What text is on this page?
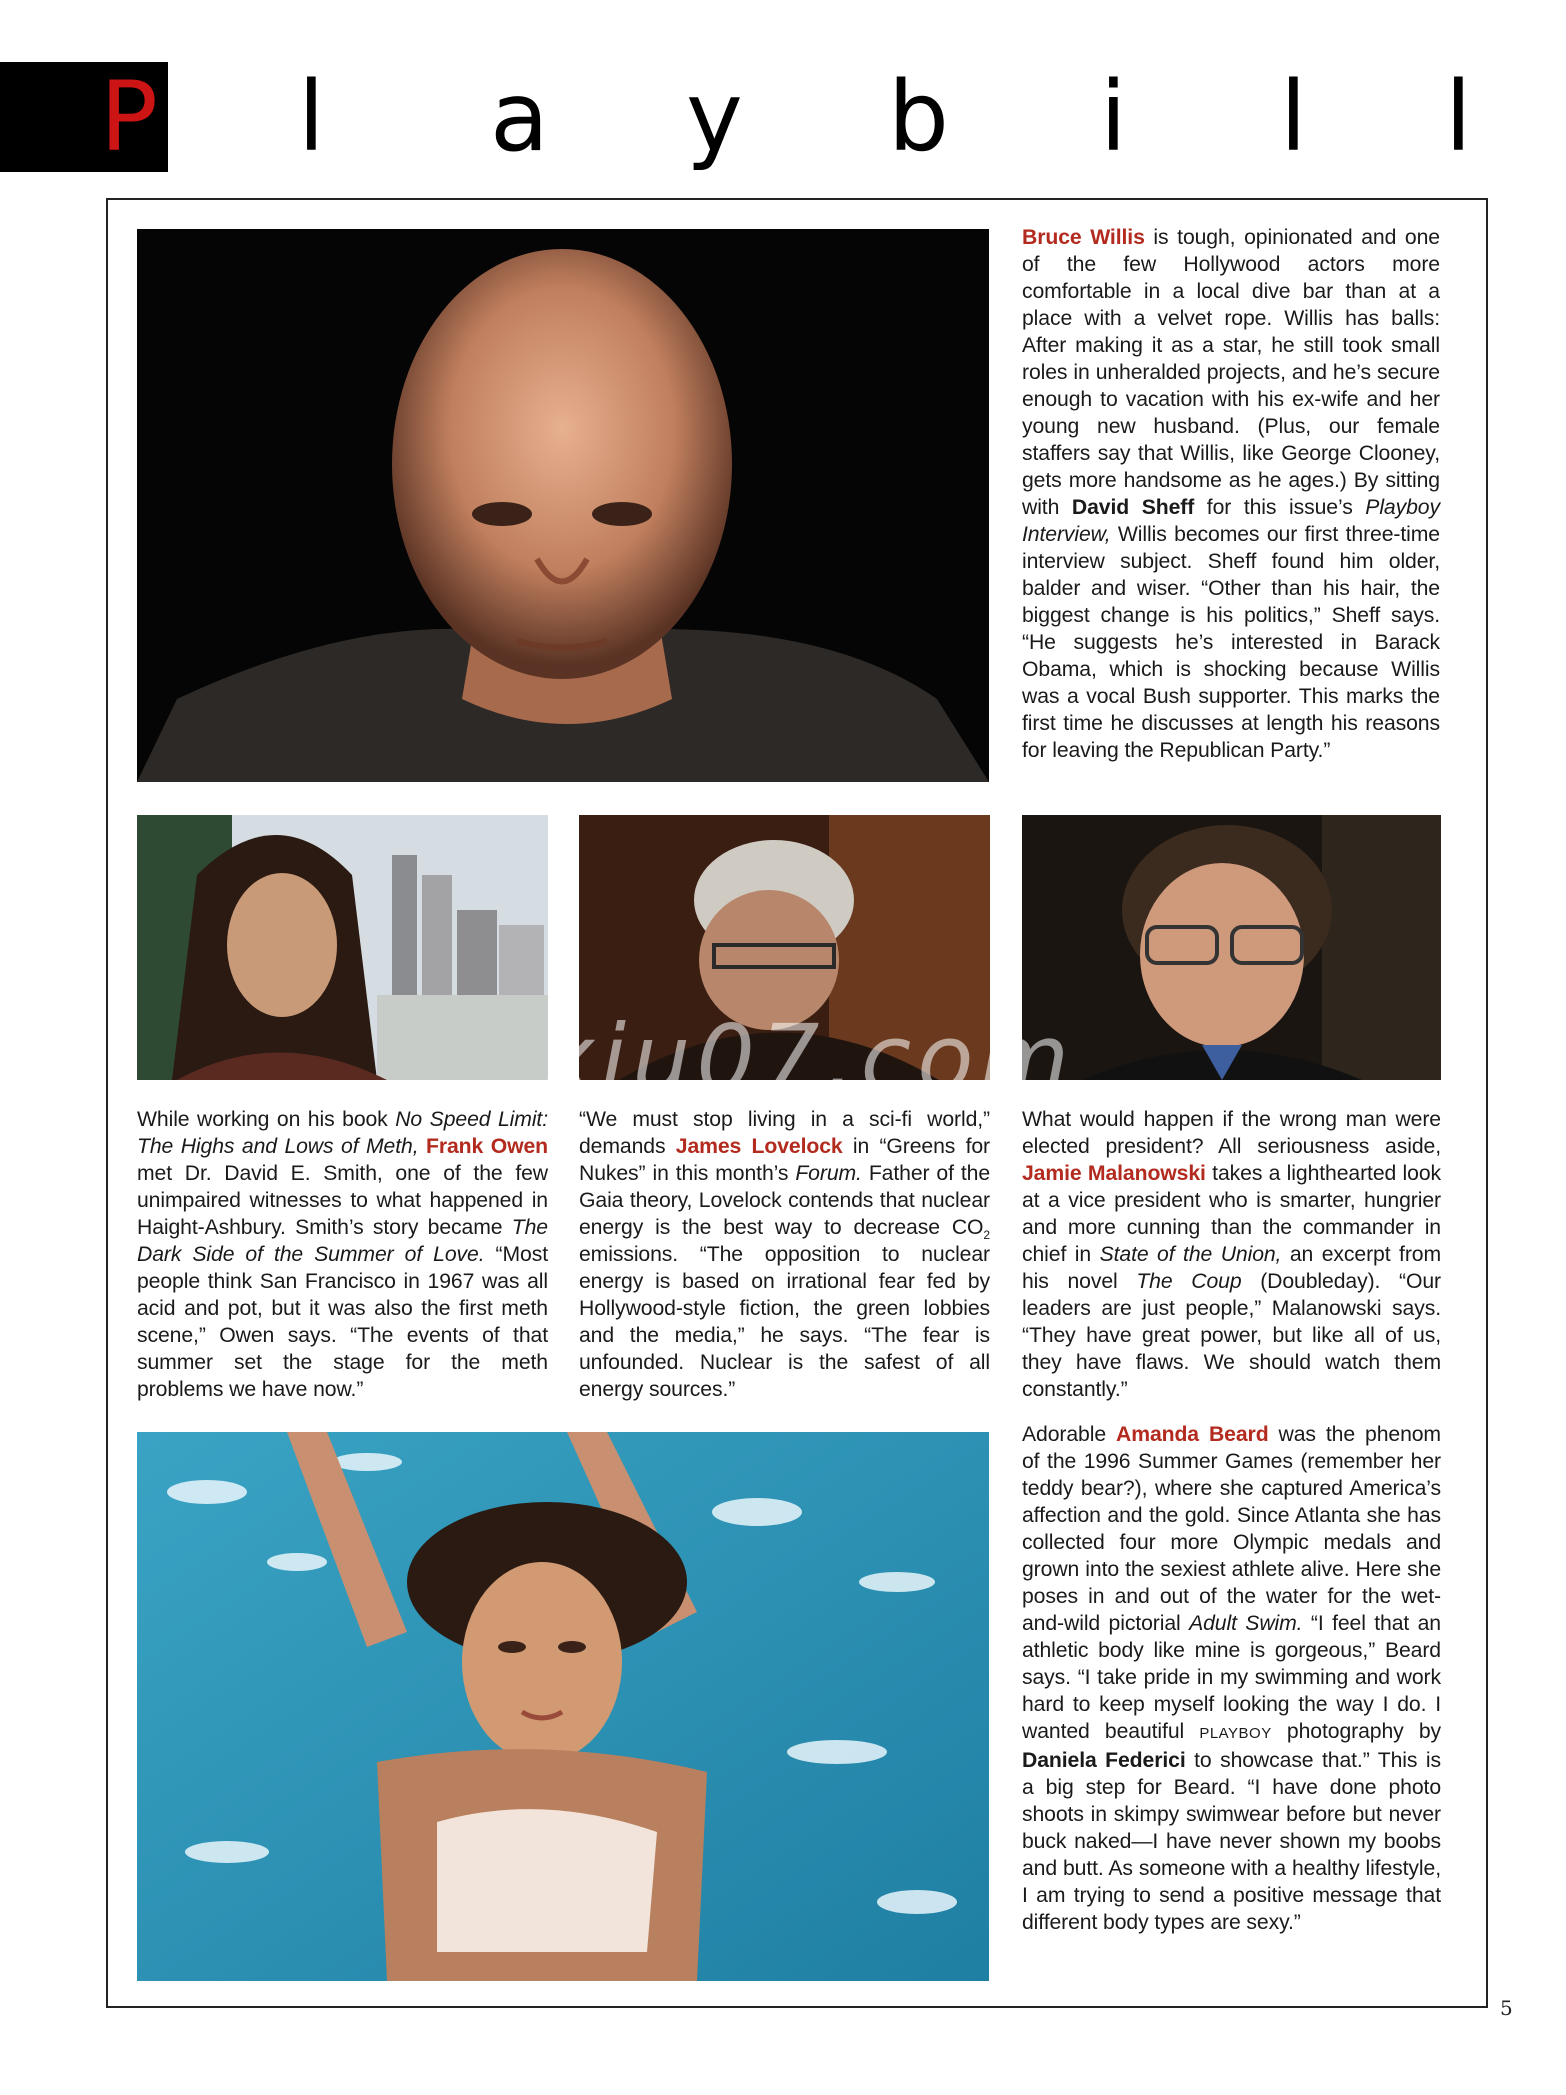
P l a y b i l l

Bruce Willis is tough, opinionated and one of the few Hollywood actors more comfortable in a local dive bar than at a place with a velvet rope. Willis has balls: After making it as a star, he still took small roles in unheralded projects, and he’s secure enough to vacation with his ex-wife and her young new husband. (Plus, our female staffers say that Willis, like George Clooney, gets more handsome as he ages.) By sitting with David Sheff for this issue’s Playboy Interview, Willis becomes our first three-time interview subject. Sheff found him older, balder and wiser. “Other than his hair, the biggest change is his politics,” Sheff says. “He suggests he’s interested in Barack Obama, which is shocking because Willis was a vocal Bush supporter. This marks the first time he discusses at length his reasons for leaving the Republican Party.”

xiu07.com

While working on his book No Speed Limit: The Highs and Lows of Meth, Frank Owen met Dr. David E. Smith, one of the few unimpaired witnesses to what happened in Haight-Ashbury. Smith’s story became The Dark Side of the Summer of Love. “Most people think San Francisco in 1967 was all acid and pot, but it was also the first meth scene,” Owen says. “The events of that summer set the stage for the meth problems we have now.”

“We must stop living in a sci-fi world,” demands James Lovelock in “Greens for Nukes” in this month’s Forum. Father of the Gaia theory, Lovelock contends that nuclear energy is the best way to decrease $CO_2$ emissions. “The opposition to nuclear energy is based on irrational fear fed by Hollywood-style fiction, the green lobbies and the media,” he says. “The fear is unfounded. Nuclear is the safest of all energy sources.”

What would happen if the wrong man were elected president? All seriousness aside, Jamie Malanowski takes a lighthearted look at a vice president who is smarter, hungrier and more cunning than the commander in chief in State of the Union, an excerpt from his novel The Coup (Doubleday). “Our leaders are just people,” Malanowski says. “They have great power, but like all of us, they have flaws. We should watch them constantly.”

Adorable Amanda Beard was the phenom of the 1996 Summer Games (remember her teddy bear?), where she captured America’s affection and the gold. Since Atlanta she has collected four more Olympic medals and grown into the sexiest athlete alive. Here she poses in and out of the water for the wet-and-wild pictorial Adult Swim. “I feel that an athletic body like mine is gorgeous,” Beard says. “I take pride in my swimming and work hard to keep myself looking the way I do. I wanted beautiful PLAYBOY photography by Daniela Federici to showcase that.” This is a big step for Beard. “I have done photo shoots in skimpy swimwear before but never buck naked—I have never shown my boobs and butt. As someone with a healthy lifestyle, I am trying to send a positive message that different body types are sexy.”

5
